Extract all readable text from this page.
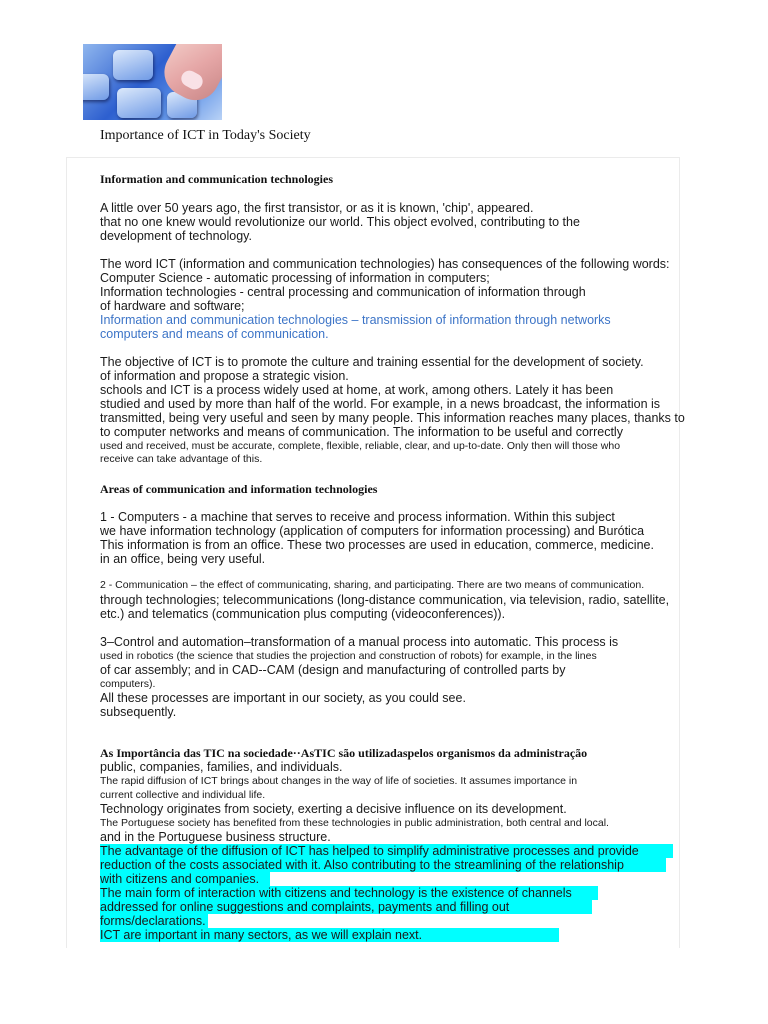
Importance of ICT in Today's Society
Information and communication technologies
A little over 50 years ago, the first transistor, or as it is known, 'chip', appeared.
that no one knew would revolutionize our world. This object evolved, contributing to the
development of technology.
The word ICT (information and communication technologies) has consequences of the following words:
Computer Science - automatic processing of information in computers;
Information technologies - central processing and communication of information through
of hardware and software;
Information and communication technologies – transmission of information through networks
computers and means of communication.
The objective of ICT is to promote the culture and training essential for the development of society.
of information and propose a strategic vision.
schools and ICT is a process widely used at home, at work, among others. Lately it has been
studied and used by more than half of the world. For example, in a news broadcast, the information is
transmitted, being very useful and seen by many people. This information reaches many places, thanks to
to computer networks and means of communication. The information to be useful and correctly
used and received, must be accurate, complete, flexible, reliable, clear, and up-to-date. Only then will those who
receive can take advantage of this.
Areas of communication and information technologies
1 - Computers - a machine that serves to receive and process information. Within this subject
we have information technology (application of computers for information processing) and Burótica
This information is from an office. These two processes are used in education, commerce, medicine.
in an office, being very useful.
2 - Communication – the effect of communicating, sharing, and participating. There are two means of communication.
through technologies; telecommunications (long-distance communication, via television, radio, satellite,
etc.) and telematics (communication plus computing (videoconferences)).
3–Control and automation–transformation of a manual process into automatic. This process is
used in robotics (the science that studies the projection and construction of robots) for example, in the lines
of car assembly; and in CAD--CAM (design and manufacturing of controlled parts by
computers).
All these processes are important in our society, as you could see.
subsequently.
As Importância das TIC na sociedade··AsTIC são utilizadaspelos organismos da administração
public, companies, families, and individuals.
The rapid diffusion of ICT brings about changes in the way of life of societies. It assumes importance in
current collective and individual life.
Technology originates from society, exerting a decisive influence on its development.
The Portuguese society has benefited from these technologies in public administration, both central and local.
and in the Portuguese business structure.
The advantage of the diffusion of ICT has helped to simplify administrative processes and provide
reduction of the costs associated with it. Also contributing to the streamlining of the relationship
with citizens and companies.
The main form of interaction with citizens and technology is the existence of channels
addressed for online suggestions and complaints, payments and filling out
forms/declarations.
ICT are important in many sectors, as we will explain next.
